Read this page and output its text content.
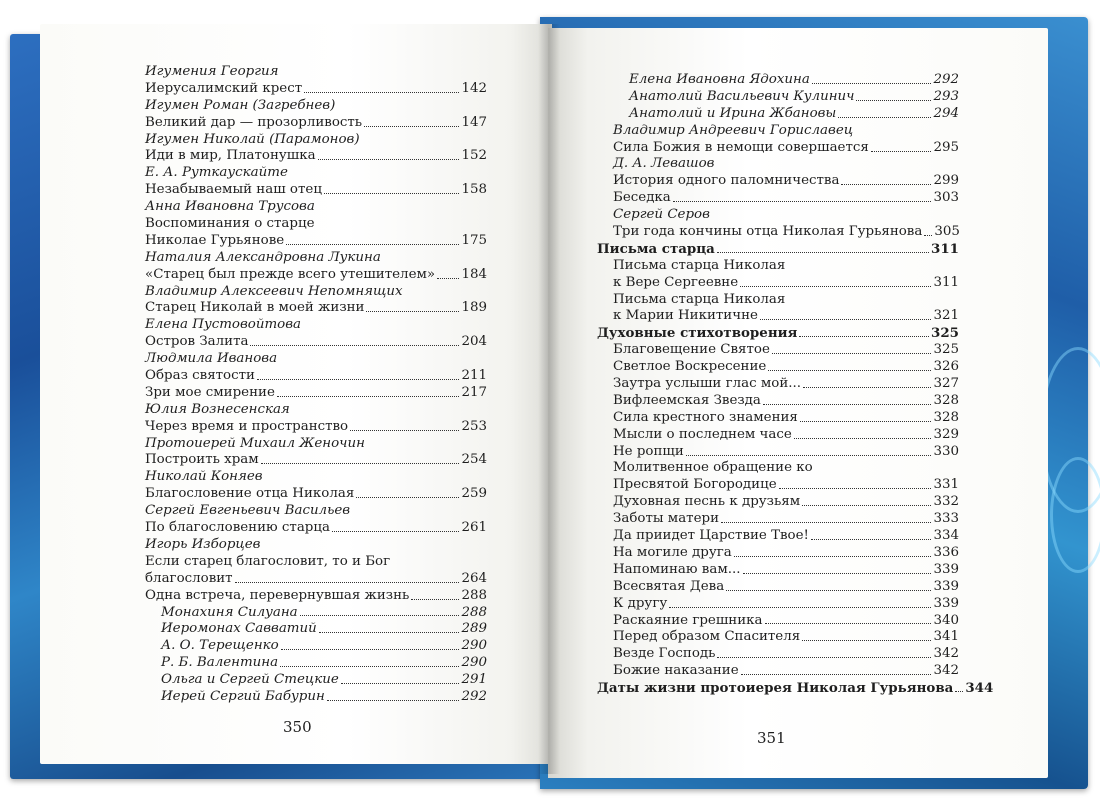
Игумения Георгия
Иерусалимский крест	142
Игумен Роман (Загребнев)
Великий дар — прозорливость	147
Игумен Николай (Парамонов)
Иди в мир, Платонушка	152
Е. А. Руткаускайте
Незабываемый наш отец	158
Анна Ивановна Трусова
Воспоминания о старце
Николае Гурьянове	175
Наталия Александровна Лукина
«Старец был прежде всего утешителем» 184
Владимир Алексеевич Непомнящих
Старец Николай в моей жизни	189
Елена Пустовойтова
Остров Залита	204
Людмила Иванова
Образ святости	211
Зри мое смирение	217
Юлия Вознесенская
Через время и пространство	253
Протоиерей Михаил Женочин
Построить храм	254
Николай Коняев
Благословение отца Николая	259
Сергей Евгеньевич Васильев
По благословению старца	261
Игорь Изборцев
Если старец благословит, то и Бог
благословит	264
Одна встреча, перевернувшая жизнь	288
Монахиня Силуана	288
Иеромонах Савватий	289
А. О. Терещенко	290
Р. Б. Валентина	290
Ольга и Сергей Стецкие	291
Иерей Сергий Бабурин	292
Елена Ивановна Ядохина	292
Анатолий Васильевич Кулинич	293
Анатолий и Ирина Жбановы	294
Владимир Андреевич Гориславец
Сила Божия в немощи совершается	295
Д. А. Левашов
История одного паломничества	299
Беседка	303
Сергей Серов
Три года кончины отца Николая Гурьянова 305
Письма старца	311
Письма старца Николая
к Вере Сергеевне	311
Письма старца Николая
к Марии Никитичне	321
Духовные стихотворения	325
Благовещение Святое	325
Светлое Воскресение	326
Заутра услыши глас мой...	327
Вифлеемская Звезда	328
Сила крестного знамения	328
Мысли о последнем часе	329
Не ропщи	330
Молитвенное обращение ко
Пресвятой Богородице	331
Духовная песнь к друзьям	332
Заботы матери	333
Да приидет Царствие Твое!	334
На могиле друга	336
Напоминаю вам...	339
Всесвятая Дева	339
К другу	339
Раскаяние грешника	340
Перед образом Спасителя	341
Везде Господь	342
Божие наказание	342
Даты жизни протоиерея Николая Гурьянова 344
350
351
